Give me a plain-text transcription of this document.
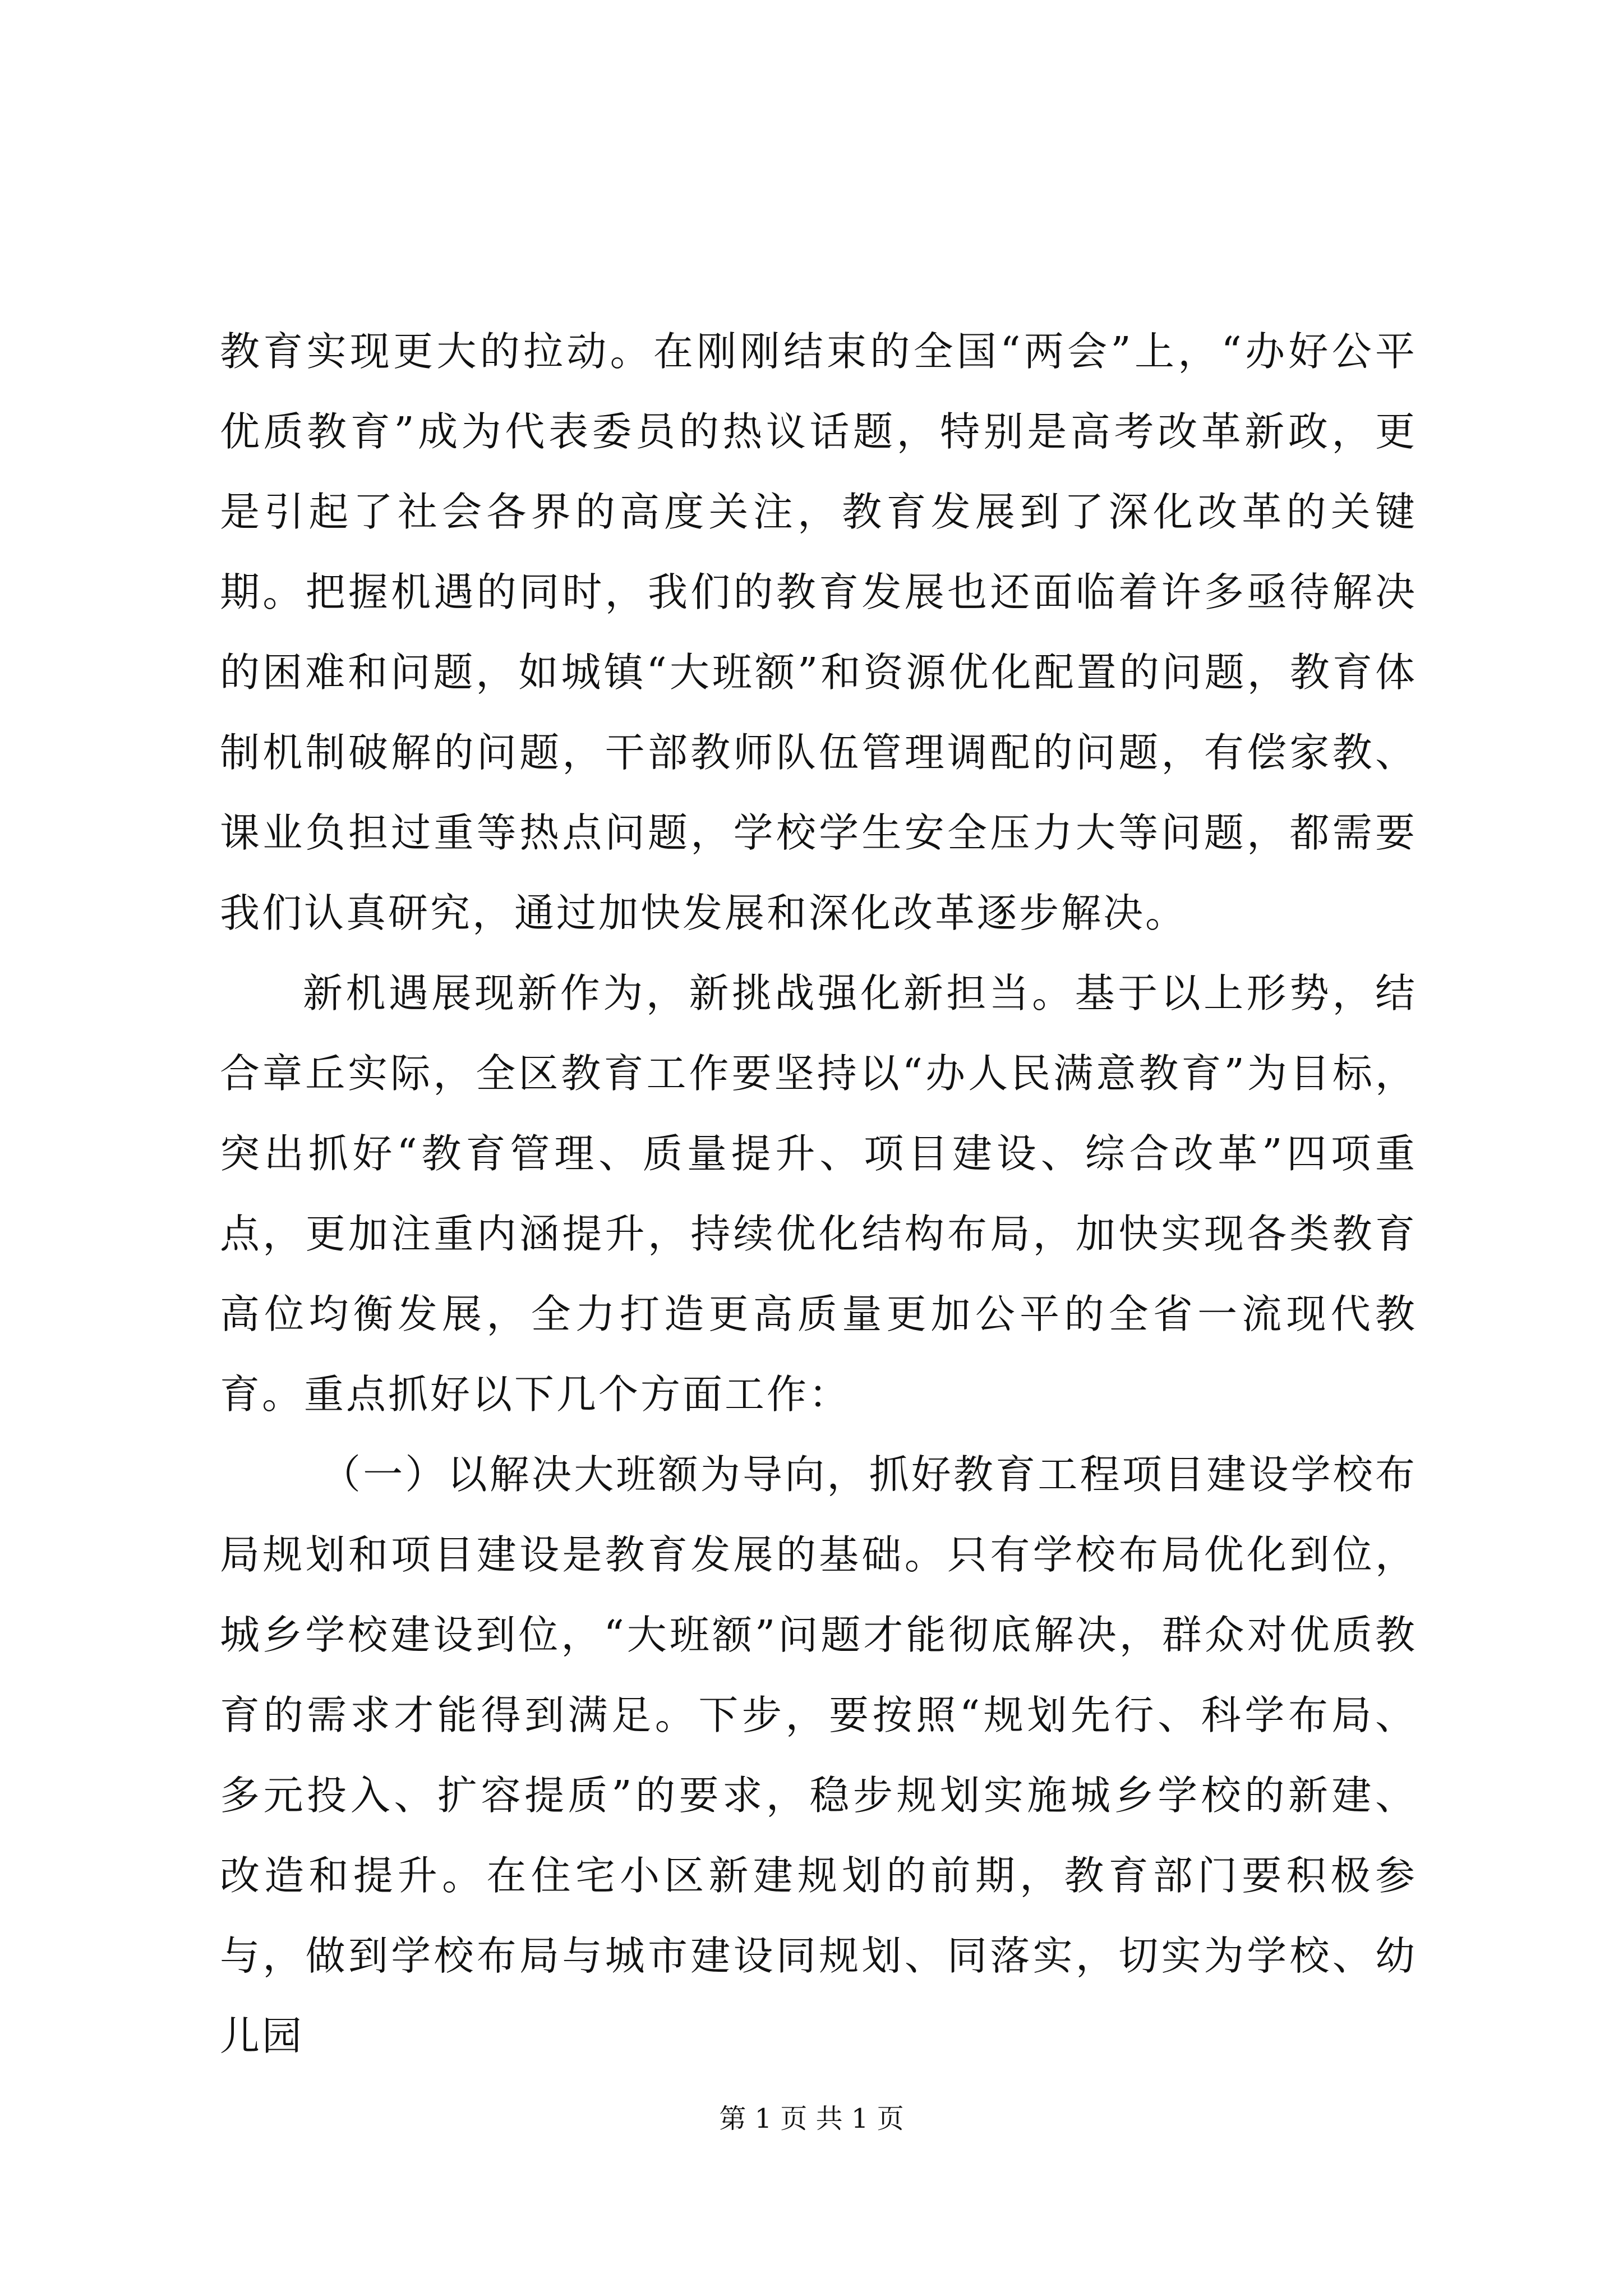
教育实现更大的拉动。在刚刚结束的全国“两会”上，“办好公平优质教育”成为代表委员的热议话题，特别是高考改革新政，更是引起了社会各界的高度关注，教育发展到了深化改革的关键期。把握机遇的同时，我们的教育发展也还面临着许多亟待解决的困难和问题，如城镇“大班额”和资源优化配置的问题，教育体制机制破解的问题，干部教师队伍管理调配的问题，有偿家教、课业负担过重等热点问题，学校学生安全压力大等问题，都需要我们认真研究，通过加快发展和深化改革逐步解决。

新机遇展现新作为，新挑战强化新担当。基于以上形势，结合章丘实际，全区教育工作要坚持以“办人民满意教育”为目标，突出抓好“教育管理、质量提升、项目建设、综合改革”四项重点，更加注重内涵提升，持续优化结构布局，加快实现各类教育高位均衡发展，全力打造更高质量更加公平的全省一流现代教育。重点抓好以下几个方面工作：

（一）以解决大班额为导向，抓好教育工程项目建设学校布局规划和项目建设是教育发展的基础。只有学校布局优化到位，城乡学校建设到位，“大班额”问题才能彻底解决，群众对优质教育的需求才能得到满足。下步，要按照“规划先行、科学布局、多元投入、扩容提质”的要求，稳步规划实施城乡学校的新建、改造和提升。在住宅小区新建规划的前期，教育部门要积极参与，做到学校布局与城市建设同规划、同落实，切实为学校、幼儿园

第 1 页 共 1 页
